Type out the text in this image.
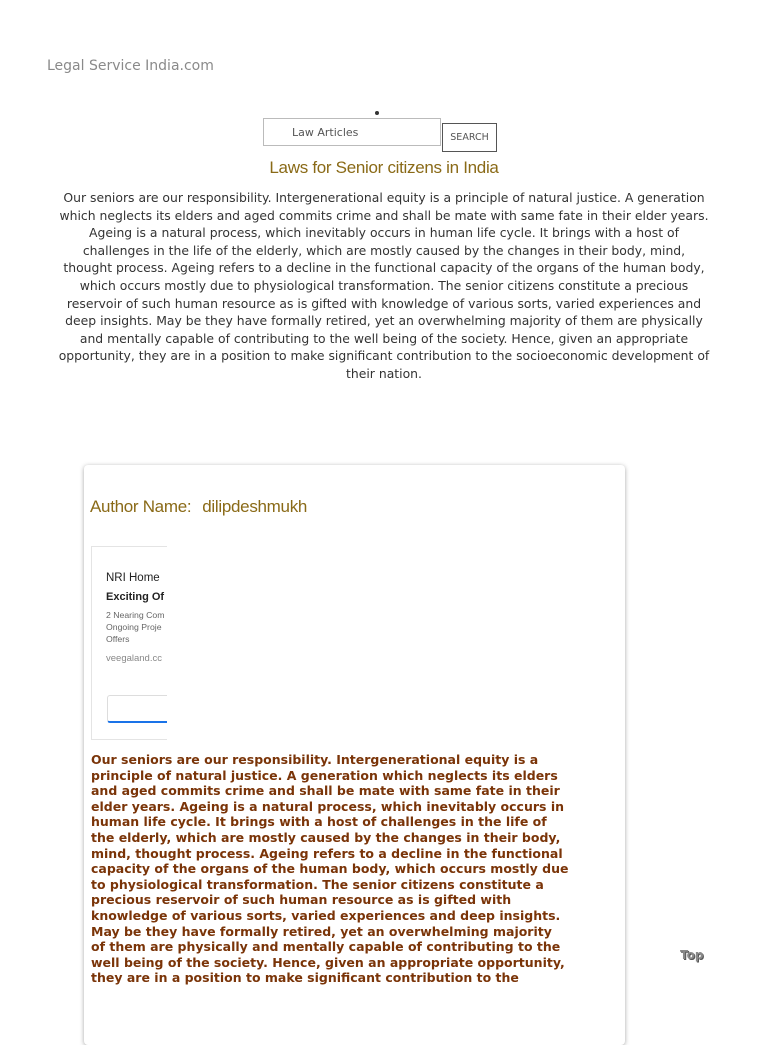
Legal Service India.com
Law Articles
SEARCH
Laws for Senior citizens in India

Our seniors are our responsibility. Intergenerational equity is a principle of natural justice. A generation which neglects its elders and aged commits crime and shall be mate with same fate in their elder years. Ageing is a natural process, which inevitably occurs in human life cycle. It brings with a host of challenges in the life of the elderly, which are mostly caused by the changes in their body, mind, thought process. Ageing refers to a decline in the functional capacity of the organs of the human body, which occurs mostly due to physiological transformation. The senior citizens constitute a precious reservoir of such human resource as is gifted with knowledge of various sorts, varied experiences and deep insights. May be they have formally retired, yet an overwhelming majority of them are physically and mentally capable of contributing to the well being of the society. Hence, given an appropriate opportunity, they are in a position to make significant contribution to the socioeconomic development of their nation.

Author Name: dilipdeshmukh
NRI Home
Exciting Of
2 Nearing Com
Ongoing Proje
Offers
veegaland.cc

Our seniors are our responsibility. Intergenerational equity is a principle of natural justice. A generation which neglects its elders and aged commits crime and shall be mate with same fate in their elder years. Ageing is a natural process, which inevitably occurs in human life cycle. It brings with a host of challenges in the life of the elderly, which are mostly caused by the changes in their body, mind, thought process. Ageing refers to a decline in the functional capacity of the organs of the human body, which occurs mostly due to physiological transformation. The senior citizens constitute a precious reservoir of such human resource as is gifted with knowledge of various sorts, varied experiences and deep insights. May be they have formally retired, yet an overwhelming majority of them are physically and mentally capable of contributing to the well being of the society. Hence, given an appropriate opportunity, they are in a position to make significant contribution to the

Top
